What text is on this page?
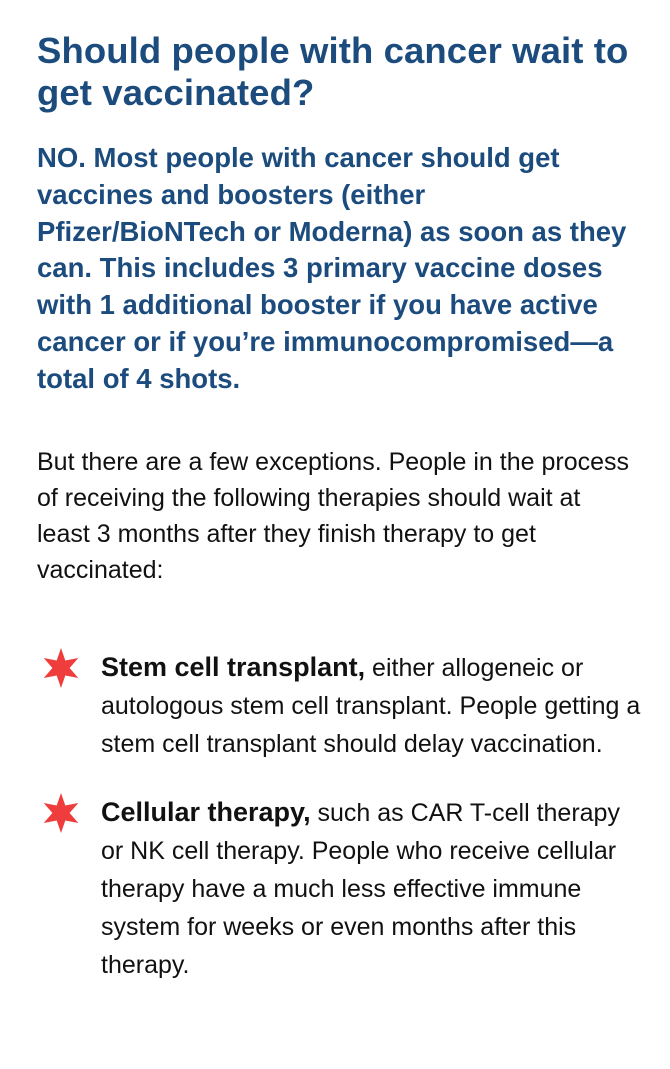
Should people with cancer wait to get vaccinated?

NO. Most people with cancer should get vaccines and boosters (either Pfizer/BioNTech or Moderna) as soon as they can. This includes 3 primary vaccine doses with 1 additional booster if you have active cancer or if you’re immunocompromised—a total of 4 shots.

But there are a few exceptions. People in the process of receiving the following therapies should wait at least 3 months after they finish therapy to get vaccinated:

Stem cell transplant, either allogeneic or autologous stem cell transplant. People getting a stem cell transplant should delay vaccination.
Cellular therapy, such as CAR T-cell therapy or NK cell therapy. People who receive cellular therapy have a much less effective immune system for weeks or even months after this therapy.
